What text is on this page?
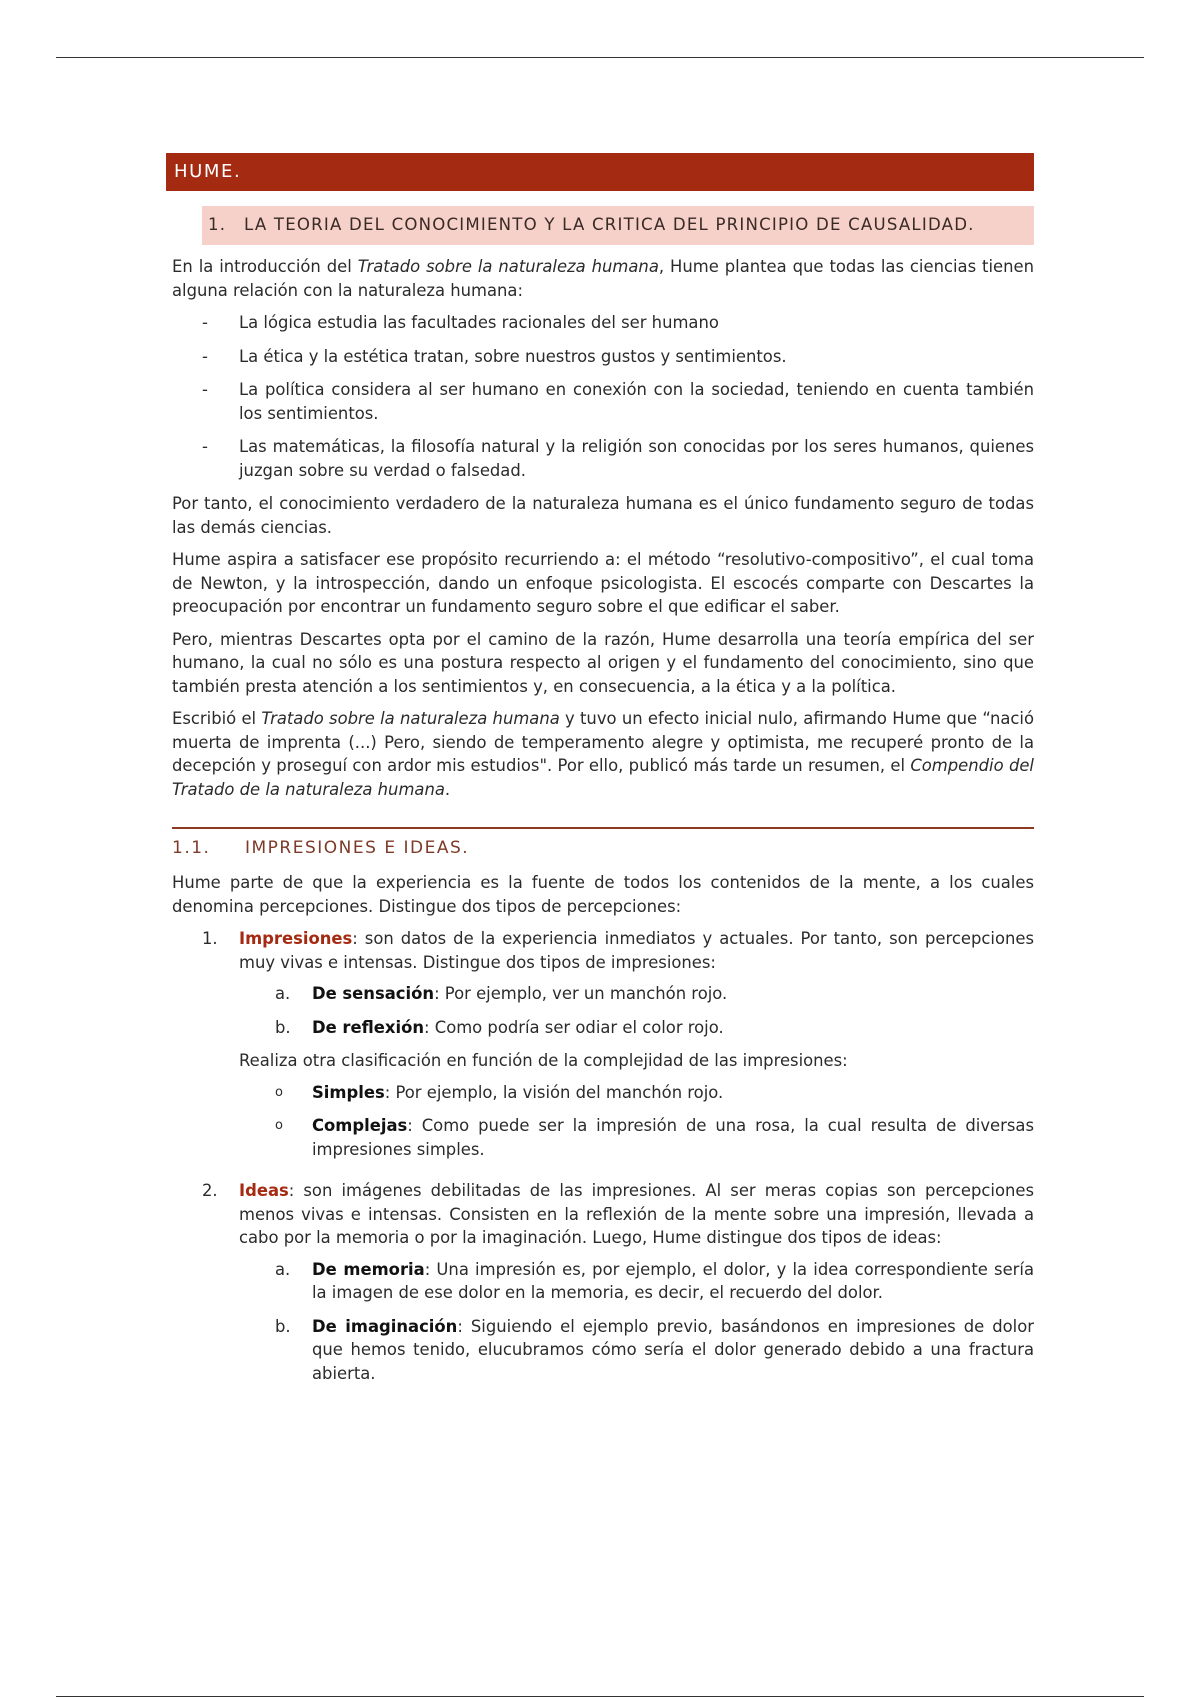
HUME.
1.	LA TEORIA DEL CONOCIMIENTO Y LA CRITICA DEL PRINCIPIO DE CAUSALIDAD.

En la introducción del Tratado sobre la naturaleza humana, Hume plantea que todas las ciencias tienen alguna relación con la naturaleza humana:

-	La lógica estudia las facultades racionales del ser humano
-	La ética y la estética tratan, sobre nuestros gustos y sentimientos.
-	La política considera al ser humano en conexión con la sociedad, teniendo en cuenta también los sentimientos.
-	Las matemáticas, la filosofía natural y la religión son conocidas por los seres humanos, quienes juzgan sobre su verdad o falsedad.

Por tanto, el conocimiento verdadero de la naturaleza humana es el único fundamento seguro de todas las demás ciencias.

Hume aspira a satisfacer ese propósito recurriendo a: el método “resolutivo-compositivo”, el cual toma de Newton, y la introspección, dando un enfoque psicologista. El escocés comparte con Descartes la preocupación por encontrar un fundamento seguro sobre el que edificar el saber.

Pero, mientras Descartes opta por el camino de la razón, Hume desarrolla una teoría empírica del ser humano, la cual no sólo es una postura respecto al origen y el fundamento del conocimiento, sino que también presta atención a los sentimientos y, en consecuencia, a la ética y a la política.

Escribió el Tratado sobre la naturaleza humana y tuvo un efecto inicial nulo, afirmando Hume que “nació muerta de imprenta (...) Pero, siendo de temperamento alegre y optimista, me recuperé pronto de la decepción y proseguí con ardor mis estudios". Por ello, publicó más tarde un resumen, el Compendio del Tratado de la naturaleza humana.

1.1.	IMPRESIONES E IDEAS.

Hume parte de que la experiencia es la fuente de todos los contenidos de la mente, a los cuales denomina percepciones. Distingue dos tipos de percepciones:

1.	Impresiones: son datos de la experiencia inmediatos y actuales. Por tanto, son percepciones muy vivas e intensas. Distingue dos tipos de impresiones:

a.	De sensación: Por ejemplo, ver un manchón rojo.
b.	De reflexión: Como podría ser odiar el color rojo.

Realiza otra clasificación en función de la complejidad de las impresiones:

o	Simples: Por ejemplo, la visión del manchón rojo.
o	Complejas: Como puede ser la impresión de una rosa, la cual resulta de diversas impresiones simples.
2.	Ideas: son imágenes debilitadas de las impresiones. Al ser meras copias son percepciones menos vivas e intensas. Consisten en la reflexión de la mente sobre una impresión, llevada a cabo por la memoria o por la imaginación. Luego, Hume distingue dos tipos de ideas:

a.	De memoria: Una impresión es, por ejemplo, el dolor, y la idea correspondiente sería la imagen de ese dolor en la memoria, es decir, el recuerdo del dolor.
b.	De imaginación: Siguiendo el ejemplo previo, basándonos en impresiones de dolor que hemos tenido, elucubramos cómo sería el dolor generado debido a una fractura abierta.
